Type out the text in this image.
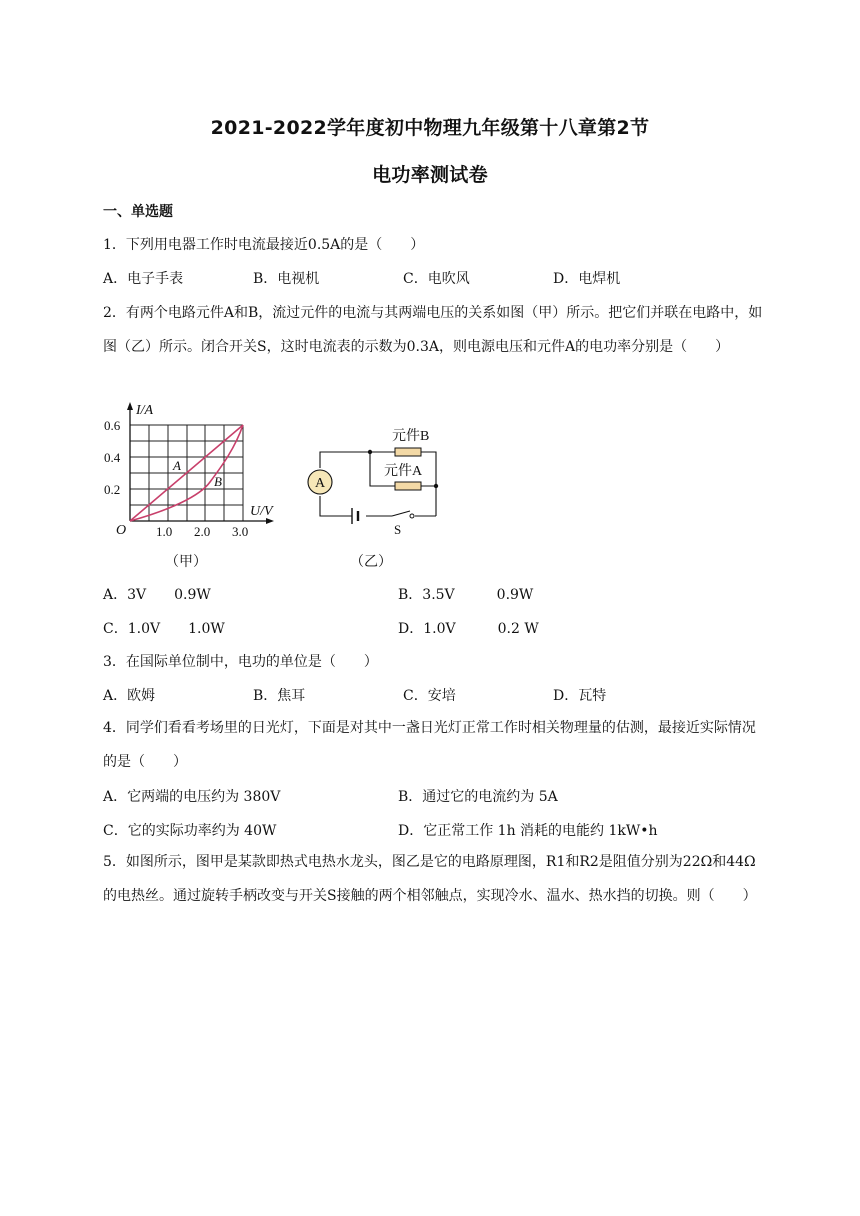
2021-2022学年度初中物理九年级第十八章第2节
电功率测试卷
一、单选题
1．下列用电器工作时电流最接近0.5A的是（　　）
A．电子手表	B．电视机	C．电吹风	D．电焊机
2．有两个电路元件A和B，流过元件的电流与其两端电压的关系如图（甲）所示。把它们并联在电路中，如图（乙）所示。闭合开关S，这时电流表的示数为0.3A，则电源电压和元件A的电功率分别是（　　）
I/A
U/V
O
0.6
0.4
0.2
1.0 2.0 3.0
A
B
（甲）
A
元件B
元件A
S
（乙）
A．3V　　0.9W	B．3.5V　　　0.9W
C．1.0V　　1.0W	D．1.0V　　　0.2 W
3．在国际单位制中，电功的单位是（　　）
A．欧姆	B．焦耳	C．安培	D．瓦特
4．同学们看看考场里的日光灯，下面是对其中一盏日光灯正常工作时相关物理量的估测，最接近实际情况的是（　　）
A．它两端的电压约为 380V	B．通过它的电流约为 5A
C．它的实际功率约为 40W	D．它正常工作 1h 消耗的电能约 1kW•h
5．如图所示，图甲是某款即热式电热水龙头，图乙是它的电路原理图，R1和R2是阻值分别为22Ω和44Ω的电热丝。通过旋转手柄改变与开关S接触的两个相邻触点，实现冷水、温水、热水挡的切换。则（　　）
